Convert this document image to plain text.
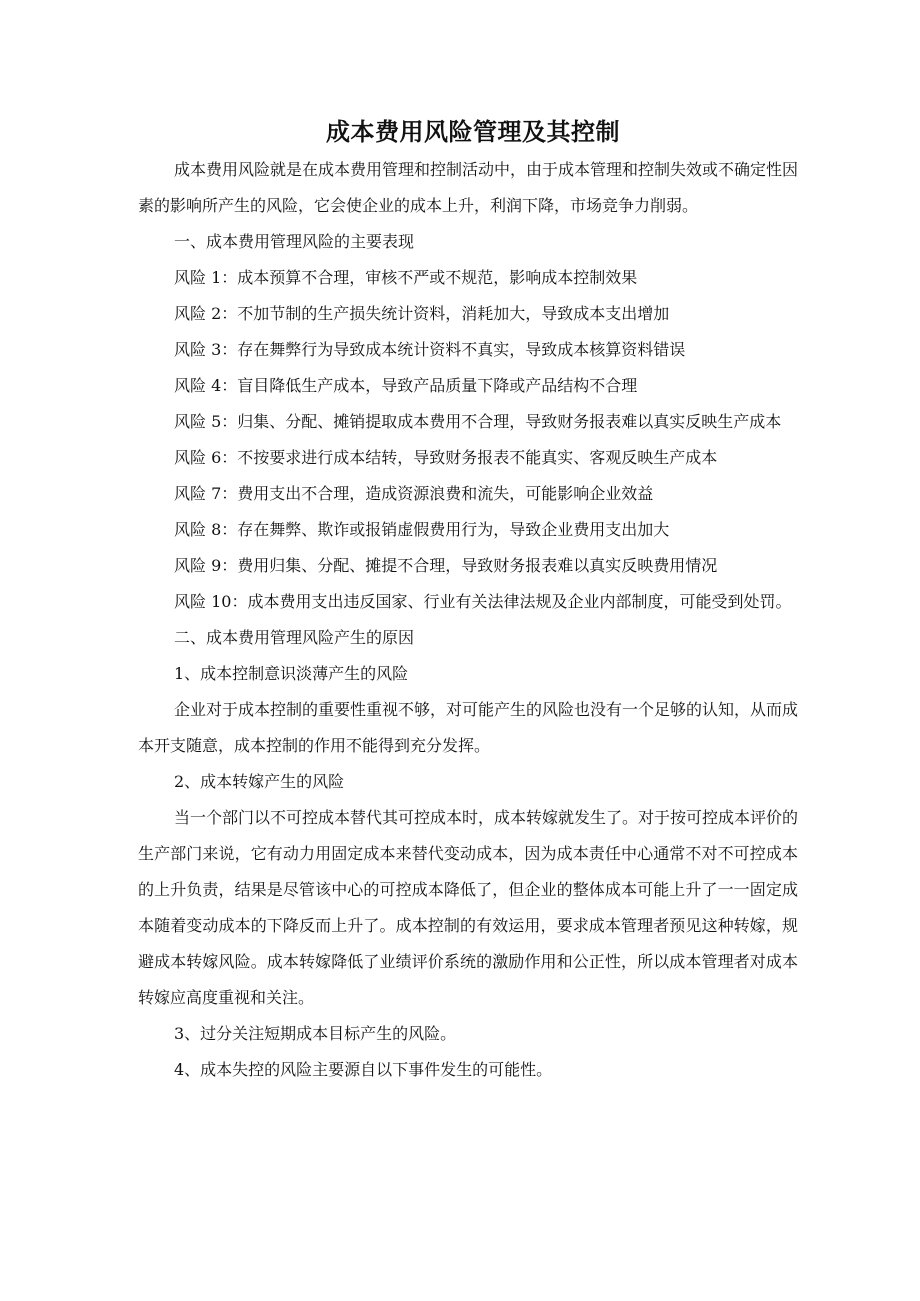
成本费用风险管理及其控制

成本费用风险就是在成本费用管理和控制活动中，由于成本管理和控制失效或不确定性因素的影响所产生的风险，它会使企业的成本上升，利润下降，市场竞争力削弱。

一、成本费用管理风险的主要表现

风险 1：成本预算不合理，审核不严或不规范，影响成本控制效果

风险 2：不加节制的生产损失统计资料，消耗加大，导致成本支出增加

风险 3：存在舞弊行为导致成本统计资料不真实，导致成本核算资料错误

风险 4：盲目降低生产成本，导致产品质量下降或产品结构不合理

风险 5：归集、分配、摊销提取成本费用不合理，导致财务报表难以真实反映生产成本

风险 6：不按要求进行成本结转，导致财务报表不能真实、客观反映生产成本

风险 7：费用支出不合理，造成资源浪费和流失，可能影响企业效益

风险 8：存在舞弊、欺诈或报销虚假费用行为，导致企业费用支出加大

风险 9：费用归集、分配、摊提不合理，导致财务报表难以真实反映费用情况

风险 10：成本费用支出违反国家、行业有关法律法规及企业内部制度，可能受到处罚。

二、成本费用管理风险产生的原因

1、成本控制意识淡薄产生的风险

企业对于成本控制的重要性重视不够，对可能产生的风险也没有一个足够的认知，从而成本开支随意，成本控制的作用不能得到充分发挥。

2、成本转嫁产生的风险

当一个部门以不可控成本替代其可控成本时，成本转嫁就发生了。对于按可控成本评价的生产部门来说，它有动力用固定成本来替代变动成本，因为成本责任中心通常不对不可控成本的上升负责，结果是尽管该中心的可控成本降低了，但企业的整体成本可能上升了一一固定成本随着变动成本的下降反而上升了。成本控制的有效运用，要求成本管理者预见这种转嫁，规避成本转嫁风险。成本转嫁降低了业绩评价系统的激励作用和公正性，所以成本管理者对成本转嫁应高度重视和关注。

3、过分关注短期成本目标产生的风险。

4、成本失控的风险主要源自以下事件发生的可能性。
